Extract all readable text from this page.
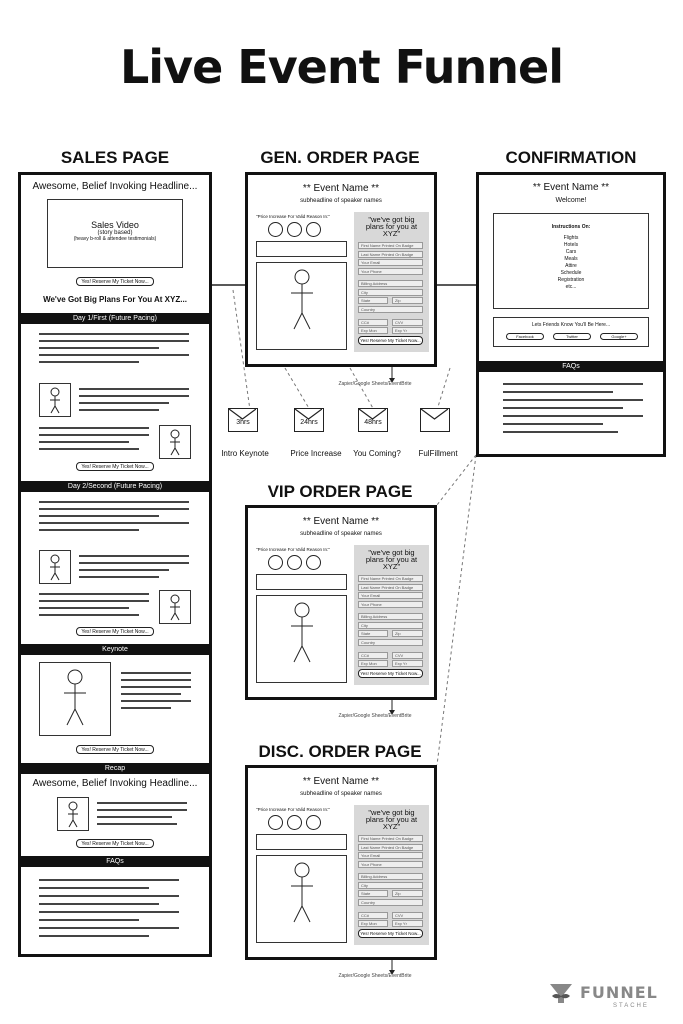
Live Event Funnel
SALES PAGE	GEN. ORDER PAGE	CONFIRMATION
VIP ORDER PAGE
DISC. ORDER PAGE
Awesome, Belief Invoking Headline...
Sales Video
(story based)
(heavy b-roll & attendee testimonials)
Yes! Reserve My Ticket Now...
We've Got Big Plans For You At XYZ...
Day 1/First (Future Pacing)
Yes! Reserve My Ticket Now...
Day 2/Second (Future Pacing)
Yes! Reserve My Ticket Now...
Keynote
Yes! Reserve My Ticket Now...
Recap
Awesome, Belief Invoking Headline...
Yes! Reserve My Ticket Now...
FAQs
** Event Name **
subheadline of speaker names
"Price Increase For Valid Reason In:"	"we've got big plans for you at XYZ"
First Name Printed On Badge
Last Name Printed On Badge
Your Email
Your Phone
Billing Address
City
State	Zip
Country
CC#	CVV
Exp Mon	Exp Yr
Yes! Reserve My Ticket Now...
Zapier/Google Sheets/EventBrite
** Event Name **
subheadline of speaker names
"Price Increase For Valid Reason In:"	"we've got big plans for you at XYZ"
First Name Printed On Badge
Last Name Printed On Badge
Your Email
Your Phone
Billing Address
City
State	Zip
Country
CC#	CVV
Exp Mon	Exp Yr
Yes! Reserve My Ticket Now...
Zapier/Google Sheets/EventBrite
** Event Name **
subheadline of speaker names
"Price Increase For Valid Reason In:"	"we've got big plans for you at XYZ"
First Name Printed On Badge
Last Name Printed On Badge
Your Email
Your Phone
Billing Address
City
State	Zip
Country
CC#	CVV
Exp Mon	Exp Yr
Yes! Reserve My Ticket Now...
Zapier/Google Sheets/EventBrite
** Event Name **
Welcome!
Instructions On:
Flights
Hotels
Cars
Meals
Attire
Schedule
Registration
etc...
Lets Friends Know You'll Be Here...
Facebook	Twitter	Google+
FAQs
3hrs
Intro Keynote
24hrs
Price Increase
48hrs
You Coming?	FulFillment
FUNNEL
STACHE
